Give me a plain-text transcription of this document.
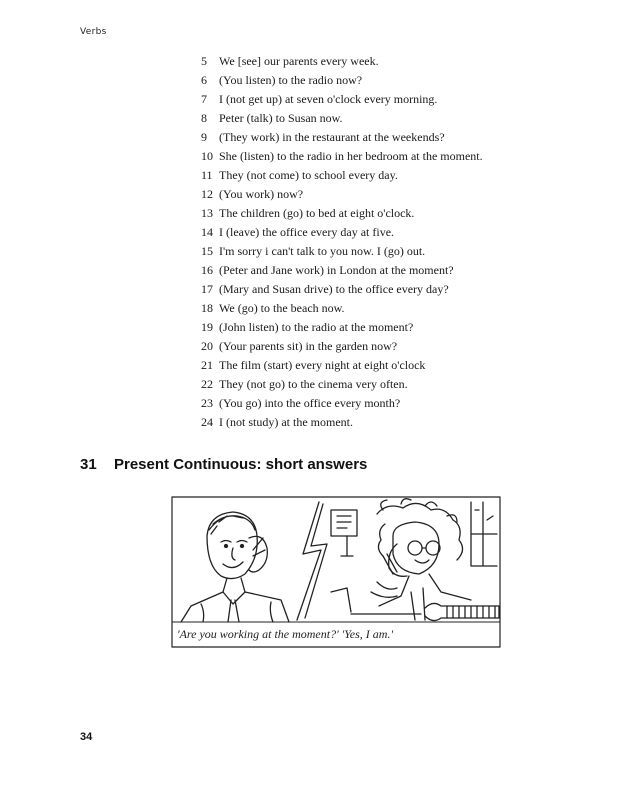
Verbs
5 We [see] our parents every week.
6 (You listen) to the radio now?
7 I (not get up) at seven o'clock every morning.
8 Peter (talk) to Susan now.
9 (They work) in the restaurant at the weekends?
10 She (listen) to the radio in her bedroom at the moment.
11 They (not come) to school every day.
12 (You work) now?
13 The children (go) to bed at eight o'clock.
14 I (leave) the office every day at five.
15 I'm sorry i can't talk to you now. I (go) out.
16 (Peter and Jane work) in London at the moment?
17 (Mary and Susan drive) to the office every day?
18 We (go) to the beach now.
19 (John listen) to the radio at the moment?
20 (Your parents sit) in the garden now?
21 The film (start) every night at eight o'clock
22 They (not go) to the cinema very often.
23 (You go) into the office every month?
24 I (not study) at the moment.
31 Present Continuous: short answers
'Are you working at the moment?' 'Yes, I am.'
34
